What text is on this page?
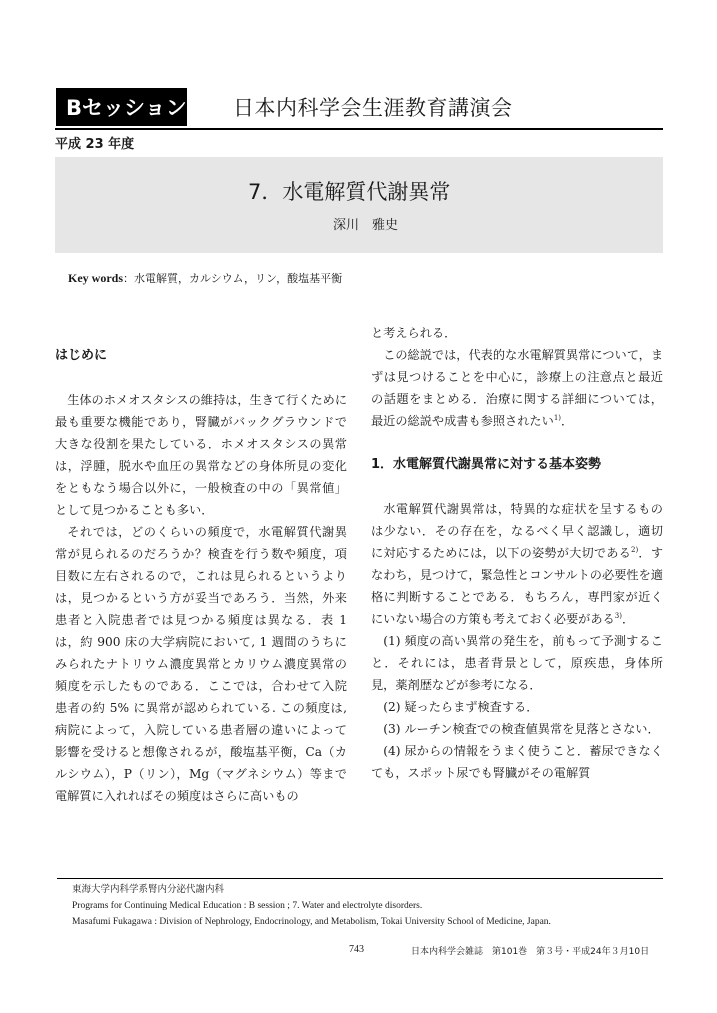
Bセッション 日本内科学会生涯教育講演会
平成 23 年度
7．水電解質代謝異常
深川　雅史
Key words：水電解質，カルシウム，リン，酸塩基平衡
はじめに

生体のホメオスタシスの維持は，生きて行くために最も重要な機能であり，腎臓がバックグラウンドで大きな役割を果たしている．ホメオスタシスの異常は，浮腫，脱水や血圧の異常などの身体所見の変化をともなう場合以外に，一般検査の中の「異常値」として見つかることも多い．

それでは，どのくらいの頻度で，水電解質代謝異常が見られるのだろうか？検査を行う数や頻度，項目数に左右されるので，これは見られるというよりは，見つかるという方が妥当であろう．当然，外来患者と入院患者では見つかる頻度は異なる．表 1 は，約 900 床の大学病院において, 1 週間のうちにみられたナトリウム濃度異常とカリウム濃度異常の頻度を示したものである．ここでは，合わせて入院患者の約 5% に異常が認められている. この頻度は, 病院によって，入院している患者層の違いによって影響を受けると想像されるが，酸塩基平衡，Ca（カルシウム），P（リン），Mg（マグネシウム）等まで電解質に入れればその頻度はさらに高いもの

と考えられる．

この総説では，代表的な水電解質異常について，まずは見つけることを中心に，診療上の注意点と最近の話題をまとめる．治療に関する詳細については，最近の総説や成書も参照されたい$^{1)}$．

1．水電解質代謝異常に対する基本姿勢

水電解質代謝異常は，特異的な症状を呈するものは少ない．その存在を，なるべく早く認識し，適切に対応するためには，以下の姿勢が大切である$^{2)}$．すなわち，見つけて，緊急性とコンサルトの必要性を適格に判断することである．もちろん，専門家が近くにいない場合の方策も考えておく必要がある$^{3)}$．

(1) 頻度の高い異常の発生を，前もって予測すること．それには，患者背景として，原疾患，身体所見，薬剤歴などが参考になる．

(2) 疑ったらまず検査する．

(3) ルーチン検査での検査値異常を見落とさない．

(4) 尿からの情報をうまく使うこと．蓄尿できなくても，スポット尿でも腎臓がその電解質

東海大学内科学系腎内分泌代謝内科
Programs for Continuing Medical Education : B session ; 7. Water and electrolyte disorders.
Masafumi Fukagawa : Division of Nephrology, Endocrinology, and Metabolism, Tokai University School of Medicine, Japan.
743	日本内科学会雑誌　第101巻　第３号・平成24年３月10日
